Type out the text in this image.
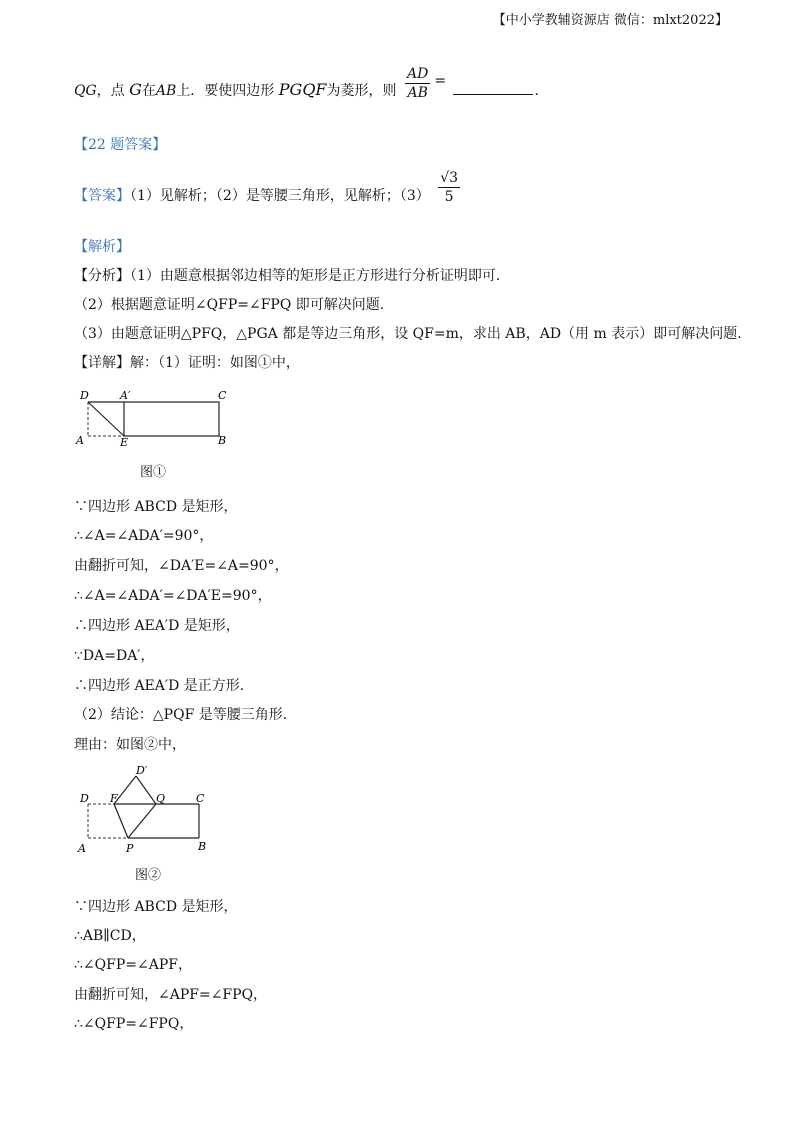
【中小学教辅资源店 微信：mlxt2022】
QG，点 G在AB上．要使四边形 PGQF为菱形，则 $\frac{AD}{AB}$ = .
【22 题答案】
【答案】（1）见解析；（2）是等腰三角形，见解析；$(3) \frac{√3}{5}$
【解析】
【分析】（1）由题意根据邻边相等的矩形是正方形进行分析证明即可.
（2）根据题意证明∠QFP=∠FPQ 即可解决问题.
（3）由题意证明△PFQ，△PGA 都是等边三角形，设 QF=m，求出 AB，AD（用 m 表示）即可解决问题.
【详解】解：（1）证明：如图①中，
D	A′	C
A	E	B
图①
∵四边形 ABCD 是矩形，
∴∠A=∠ADA′=90°，
由翻折可知，∠DA′E=∠A=90°，
∴∠A=∠ADA′=∠DA′E=90°，
∴四边形 AEA′D 是矩形，
∵DA=DA′，
∴四边形 AEA′D 是正方形.
（2）结论：△PQF 是等腰三角形.
理由：如图②中，
D′
D F	Q	C
A	P	B
图②
∵四边形 ABCD 是矩形，
∴AB∥CD，
∴∠QFP=∠APF，
由翻折可知，∠APF=∠FPQ，
∴∠QFP=∠FPQ，
